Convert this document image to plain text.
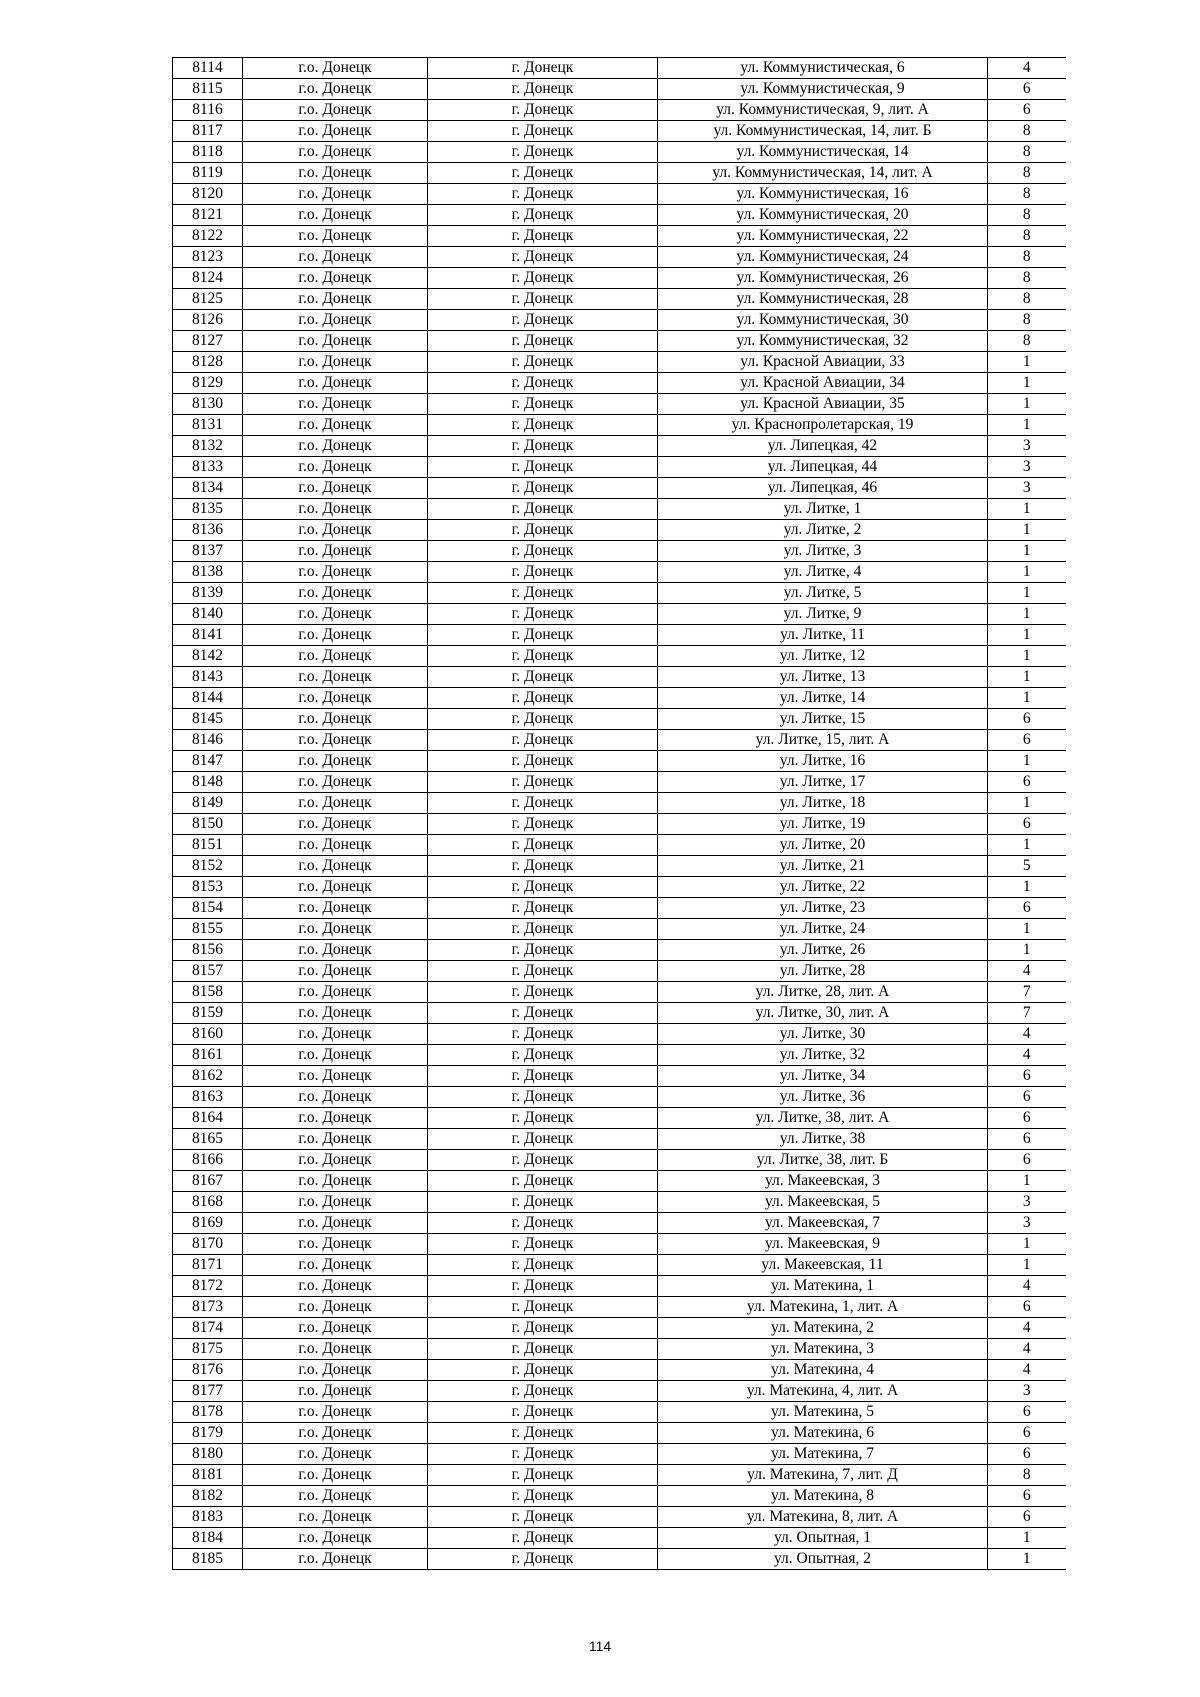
8114	г.о. Донецк	г. Донецк	ул. Коммунистическая, 6	4
8115	г.о. Донецк	г. Донецк	ул. Коммунистическая, 9	6
8116	г.о. Донецк	г. Донецк	ул. Коммунистическая, 9, лит. А	6
8117	г.о. Донецк	г. Донецк	ул. Коммунистическая, 14, лит. Б	8
8118	г.о. Донецк	г. Донецк	ул. Коммунистическая, 14	8
8119	г.о. Донецк	г. Донецк	ул. Коммунистическая, 14, лит. А	8
8120	г.о. Донецк	г. Донецк	ул. Коммунистическая, 16	8
8121	г.о. Донецк	г. Донецк	ул. Коммунистическая, 20	8
8122	г.о. Донецк	г. Донецк	ул. Коммунистическая, 22	8
8123	г.о. Донецк	г. Донецк	ул. Коммунистическая, 24	8
8124	г.о. Донецк	г. Донецк	ул. Коммунистическая, 26	8
8125	г.о. Донецк	г. Донецк	ул. Коммунистическая, 28	8
8126	г.о. Донецк	г. Донецк	ул. Коммунистическая, 30	8
8127	г.о. Донецк	г. Донецк	ул. Коммунистическая, 32	8
8128	г.о. Донецк	г. Донецк	ул. Красной Авиации, 33	1
8129	г.о. Донецк	г. Донецк	ул. Красной Авиации, 34	1
8130	г.о. Донецк	г. Донецк	ул. Красной Авиации, 35	1
8131	г.о. Донецк	г. Донецк	ул. Краснопролетарская, 19	1
8132	г.о. Донецк	г. Донецк	ул. Липецкая, 42	3
8133	г.о. Донецк	г. Донецк	ул. Липецкая, 44	3
8134	г.о. Донецк	г. Донецк	ул. Липецкая, 46	3
8135	г.о. Донецк	г. Донецк	ул. Литке, 1	1
8136	г.о. Донецк	г. Донецк	ул. Литке, 2	1
8137	г.о. Донецк	г. Донецк	ул. Литке, 3	1
8138	г.о. Донецк	г. Донецк	ул. Литке, 4	1
8139	г.о. Донецк	г. Донецк	ул. Литке, 5	1
8140	г.о. Донецк	г. Донецк	ул. Литке, 9	1
8141	г.о. Донецк	г. Донецк	ул. Литке, 11	1
8142	г.о. Донецк	г. Донецк	ул. Литке, 12	1
8143	г.о. Донецк	г. Донецк	ул. Литке, 13	1
8144	г.о. Донецк	г. Донецк	ул. Литке, 14	1
8145	г.о. Донецк	г. Донецк	ул. Литке, 15	6
8146	г.о. Донецк	г. Донецк	ул. Литке, 15, лит. А	6
8147	г.о. Донецк	г. Донецк	ул. Литке, 16	1
8148	г.о. Донецк	г. Донецк	ул. Литке, 17	6
8149	г.о. Донецк	г. Донецк	ул. Литке, 18	1
8150	г.о. Донецк	г. Донецк	ул. Литке, 19	6
8151	г.о. Донецк	г. Донецк	ул. Литке, 20	1
8152	г.о. Донецк	г. Донецк	ул. Литке, 21	5
8153	г.о. Донецк	г. Донецк	ул. Литке, 22	1
8154	г.о. Донецк	г. Донецк	ул. Литке, 23	6
8155	г.о. Донецк	г. Донецк	ул. Литке, 24	1
8156	г.о. Донецк	г. Донецк	ул. Литке, 26	1
8157	г.о. Донецк	г. Донецк	ул. Литке, 28	4
8158	г.о. Донецк	г. Донецк	ул. Литке, 28, лит. А	7
8159	г.о. Донецк	г. Донецк	ул. Литке, 30, лит. А	7
8160	г.о. Донецк	г. Донецк	ул. Литке, 30	4
8161	г.о. Донецк	г. Донецк	ул. Литке, 32	4
8162	г.о. Донецк	г. Донецк	ул. Литке, 34	6
8163	г.о. Донецк	г. Донецк	ул. Литке, 36	6
8164	г.о. Донецк	г. Донецк	ул. Литке, 38, лит. А	6
8165	г.о. Донецк	г. Донецк	ул. Литке, 38	6
8166	г.о. Донецк	г. Донецк	ул. Литке, 38, лит. Б	6
8167	г.о. Донецк	г. Донецк	ул. Макеевская, 3	1
8168	г.о. Донецк	г. Донецк	ул. Макеевская, 5	3
8169	г.о. Донецк	г. Донецк	ул. Макеевская, 7	3
8170	г.о. Донецк	г. Донецк	ул. Макеевская, 9	1
8171	г.о. Донецк	г. Донецк	ул. Макеевская, 11	1
8172	г.о. Донецк	г. Донецк	ул. Матекина, 1	4
8173	г.о. Донецк	г. Донецк	ул. Матекина, 1, лит. А	6
8174	г.о. Донецк	г. Донецк	ул. Матекина, 2	4
8175	г.о. Донецк	г. Донецк	ул. Матекина, 3	4
8176	г.о. Донецк	г. Донецк	ул. Матекина, 4	4
8177	г.о. Донецк	г. Донецк	ул. Матекина, 4, лит. А	3
8178	г.о. Донецк	г. Донецк	ул. Матекина, 5	6
8179	г.о. Донецк	г. Донецк	ул. Матекина, 6	6
8180	г.о. Донецк	г. Донецк	ул. Матекина, 7	6
8181	г.о. Донецк	г. Донецк	ул. Матекина, 7, лит. Д	8
8182	г.о. Донецк	г. Донецк	ул. Матекина, 8	6
8183	г.о. Донецк	г. Донецк	ул. Матекина, 8, лит. А	6
8184	г.о. Донецк	г. Донецк	ул. Опытная, 1	1
8185	г.о. Донецк	г. Донецк	ул. Опытная, 2	1
114
